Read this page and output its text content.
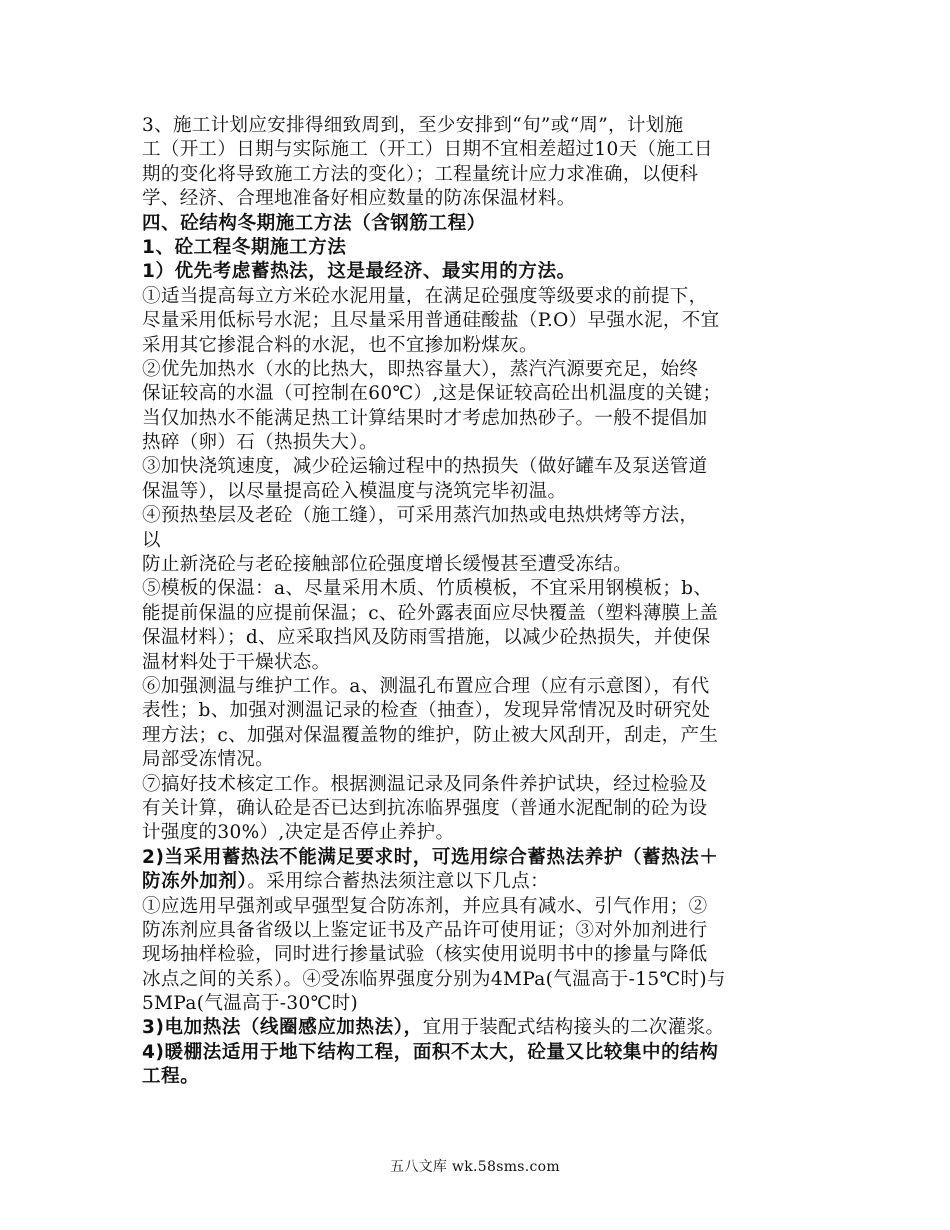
3、施工计划应安排得细致周到，至少安排到“旬”或“周”，计划施
工（开工）日期与实际施工（开工）日期不宜相差超过10天（施工日
期的变化将导致施工方法的变化）；工程量统计应力求准确，以便科
学、经济、合理地准备好相应数量的防冻保温材料。
四、砼结构冬期施工方法（含钢筋工程）
1、砼工程冬期施工方法
1）优先考虑蓄热法，这是最经济、最实用的方法。
①适当提高每立方米砼水泥用量，在满足砼强度等级要求的前提下，
尽量采用低标号水泥；且尽量采用普通硅酸盐（P.O）早强水泥，不宜
采用其它掺混合料的水泥，也不宜掺加粉煤灰。
②优先加热水（水的比热大，即热容量大），蒸汽汽源要充足，始终
保证较高的水温（可控制在60℃）,这是保证较高砼出机温度的关键；
当仅加热水不能满足热工计算结果时才考虑加热砂子。一般不提倡加
热碎（卵）石（热损失大）。
③加快浇筑速度，减少砼运输过程中的热损失（做好罐车及泵送管道
保温等），以尽量提高砼入模温度与浇筑完毕初温。
④预热垫层及老砼（施工缝），可采用蒸汽加热或电热烘烤等方法，
以
防止新浇砼与老砼接触部位砼强度增长缓慢甚至遭受冻结。
⑤模板的保温：a、尽量采用木质、竹质模板，不宜采用钢模板；b、
能提前保温的应提前保温；c、砼外露表面应尽快覆盖（塑料薄膜上盖
保温材料）；d、应采取挡风及防雨雪措施，以减少砼热损失，并使保
温材料处于干燥状态。
⑥加强测温与维护工作。a、测温孔布置应合理（应有示意图），有代
表性；b、加强对测温记录的检查（抽查），发现异常情况及时研究处
理方法；c、加强对保温覆盖物的维护，防止被大风刮开，刮走，产生
局部受冻情况。
⑦搞好技术核定工作。根据测温记录及同条件养护试块，经过检验及
有关计算，确认砼是否已达到抗冻临界强度（普通水泥配制的砼为设
计强度的30%）,决定是否停止养护。
2)当采用蓄热法不能满足要求时，可选用综合蓄热法养护（蓄热法＋
防冻外加剂）。采用综合蓄热法须注意以下几点：
①应选用早强剂或早强型复合防冻剂，并应具有减水、引气作用；②
防冻剂应具备省级以上鉴定证书及产品许可使用证；③对外加剂进行
现场抽样检验，同时进行掺量试验（核实使用说明书中的掺量与降低
冰点之间的关系）。④受冻临界强度分别为4MPa(气温高于-15℃时)与
5MPa(气温高于-30℃时)
3)电加热法（线圈感应加热法），宜用于装配式结构接头的二次灌浆。
4)暖棚法适用于地下结构工程，面积不太大，砼量又比较集中的结构
工程。
五八文库 wk.58sms.com
